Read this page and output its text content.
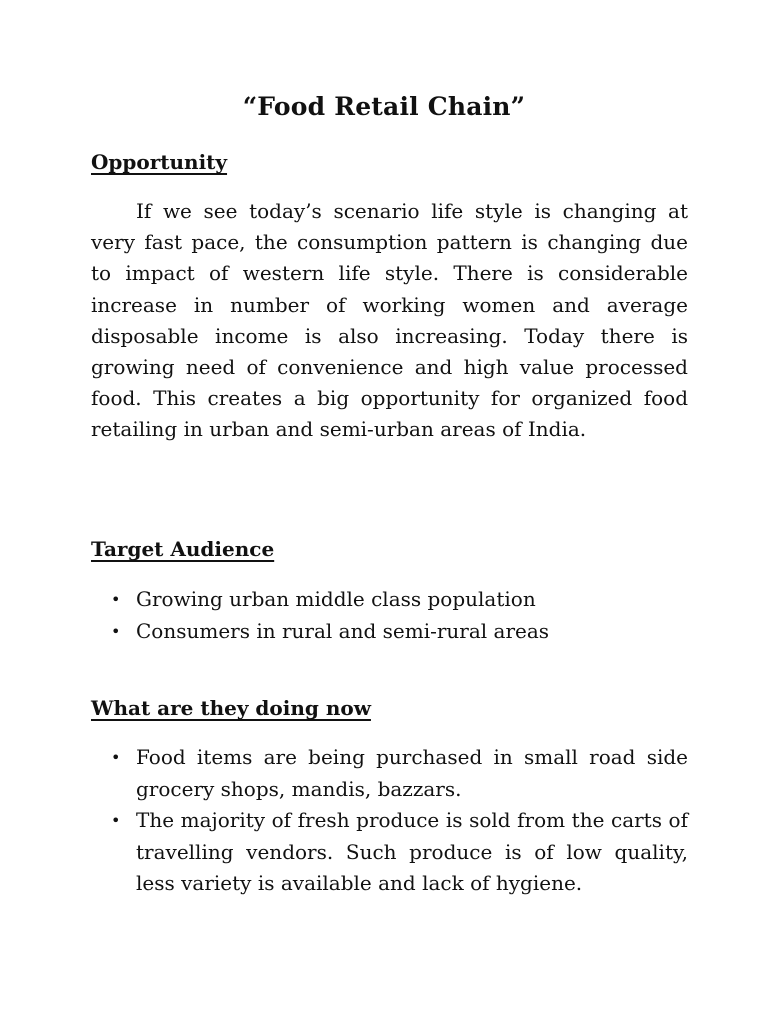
“Food Retail Chain”
Opportunity

If we see today’s scenario life style is changing at very fast pace, the consumption pattern is changing due to impact of western life style. There is considerable increase in number of working women and average disposable income is also increasing. Today there is growing need of convenience and high value processed food. This creates a big opportunity for organized food retailing in urban and semi-urban areas of India.

Target Audience
• Growing urban middle class population
• Consumers in rural and semi-rural areas
What are they doing now
• Food items are being purchased in small road side grocery shops, mandis, bazzars.
• The majority of fresh produce is sold from the carts of travelling vendors. Such produce is of low quality, less variety is available and lack of hygiene.
